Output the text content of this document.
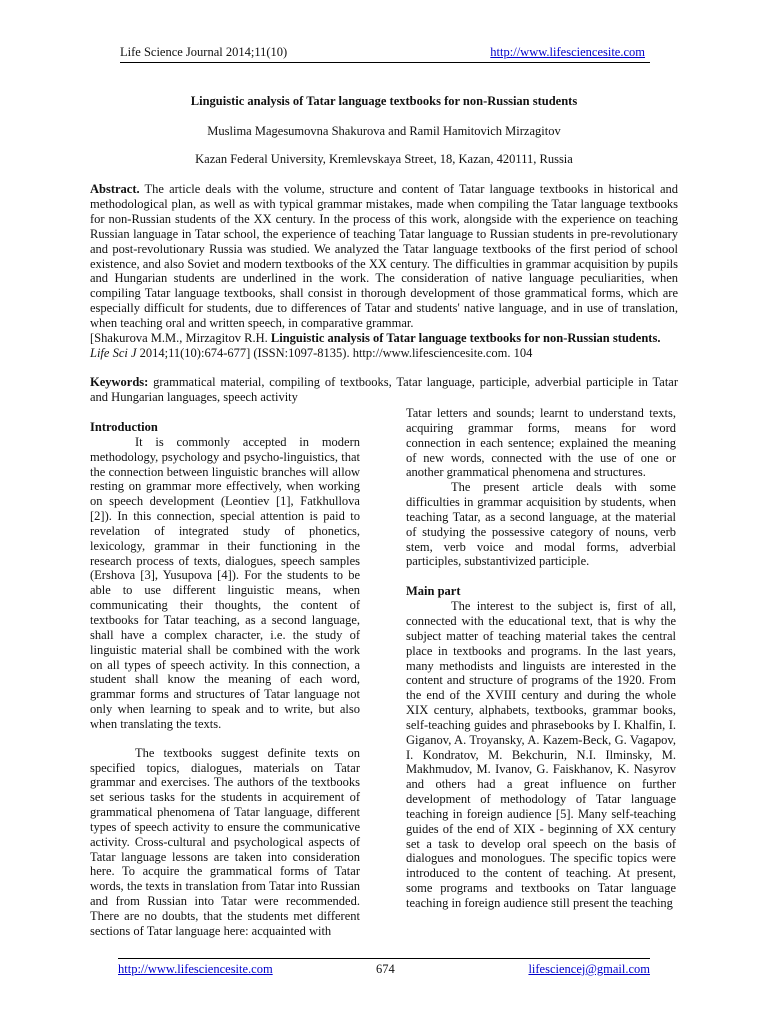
Life Science Journal 2014;11(10)	http://www.lifesciencesite.com
Linguistic analysis of Tatar language textbooks for non-Russian students
Muslima Magesumovna Shakurova and Ramil Hamitovich Mirzagitov
Kazan Federal University, Kremlevskaya Street, 18, Kazan, 420111, Russia
Abstract. The article deals with the volume, structure and content of Tatar language textbooks in historical and methodological plan, as well as with typical grammar mistakes, made when compiling the Tatar language textbooks for non-Russian students of the XX century. In the process of this work, alongside with the experience on teaching Russian language in Tatar school, the experience of teaching Tatar language to Russian students in pre-revolutionary and post-revolutionary Russia was studied. We analyzed the Tatar language textbooks of the first period of school existence, and also Soviet and modern textbooks of the XX century. The difficulties in grammar acquisition by pupils and Hungarian students are underlined in the work. The consideration of native language peculiarities, when compiling Tatar language textbooks, shall consist in thorough development of those grammatical forms, which are especially difficult for students, due to differences of Tatar and students' native language, and in use of translation, when teaching oral and written speech, in comparative grammar.
[Shakurova M.M., Mirzagitov R.H. Linguistic analysis of Tatar language textbooks for non-Russian students.
Life Sci J 2014;11(10):674-677] (ISSN:1097-8135). http://www.lifesciencesite.com. 104
Keywords: grammatical material, compiling of textbooks, Tatar language, participle, adverbial participle in Tatar and Hungarian languages, speech activity
Introduction

It is commonly accepted in modern methodology, psychology and psycho-linguistics, that the connection between linguistic branches will allow resting on grammar more effectively, when working on speech development (Leontiev [1], Fatkhullova [2]). In this connection, special attention is paid to revelation of integrated study of phonetics, lexicology, grammar in their functioning in the research process of texts, dialogues, speech samples (Ershova [3], Yusupova [4]). For the students to be able to use different linguistic means, when communicating their thoughts, the content of textbooks for Tatar teaching, as a second language, shall have a complex character, i.e. the study of linguistic material shall be combined with the work on all types of speech activity. In this connection, a student shall know the meaning of each word, grammar forms and structures of Tatar language not only when learning to speak and to write, but also when translating the texts.

The textbooks suggest definite texts on specified topics, dialogues, materials on Tatar grammar and exercises. The authors of the textbooks set serious tasks for the students in acquirement of grammatical phenomena of Tatar language, different types of speech activity to ensure the communicative activity. Cross-cultural and psychological aspects of Tatar language lessons are taken into consideration here. To acquire the grammatical forms of Tatar words, the texts in translation from Tatar into Russian and from Russian into Tatar were recommended. There are no doubts, that the students met different sections of Tatar language here: acquainted with

Tatar letters and sounds; learnt to understand texts, acquiring grammar forms, means for word connection in each sentence; explained the meaning of new words, connected with the use of one or another grammatical phenomena and structures.

The present article deals with some difficulties in grammar acquisition by students, when teaching Tatar, as a second language, at the material of studying the possessive category of nouns, verb stem, verb voice and modal forms, adverbial participles, substantivized participle.

Main part

The interest to the subject is, first of all, connected with the educational text, that is why the subject matter of teaching material takes the central place in textbooks and programs. In the last years, many methodists and linguists are interested in the content and structure of programs of the 1920. From the end of the XVIII century and during the whole XIX century, alphabets, textbooks, grammar books, self-teaching guides and phrasebooks by I. Khalfin, I. Giganov, A. Troyansky, A. Kazem-Beck, G. Vagapov, I. Kondratov, M. Bekchurin, N.I. Ilminsky, M. Makhmudov, M. Ivanov, G. Faiskhanov, K. Nasyrov and others had a great influence on further development of methodology of Tatar language teaching in foreign audience [5]. Many self-teaching guides of the end of XIX - beginning of XX century set a task to develop oral speech on the basis of dialogues and monologues. The specific topics were introduced to the content of teaching. At present, some programs and textbooks on Tatar language teaching in foreign audience still present the teaching

http://www.lifesciencesite.com	674	lifesciencej@gmail.com
